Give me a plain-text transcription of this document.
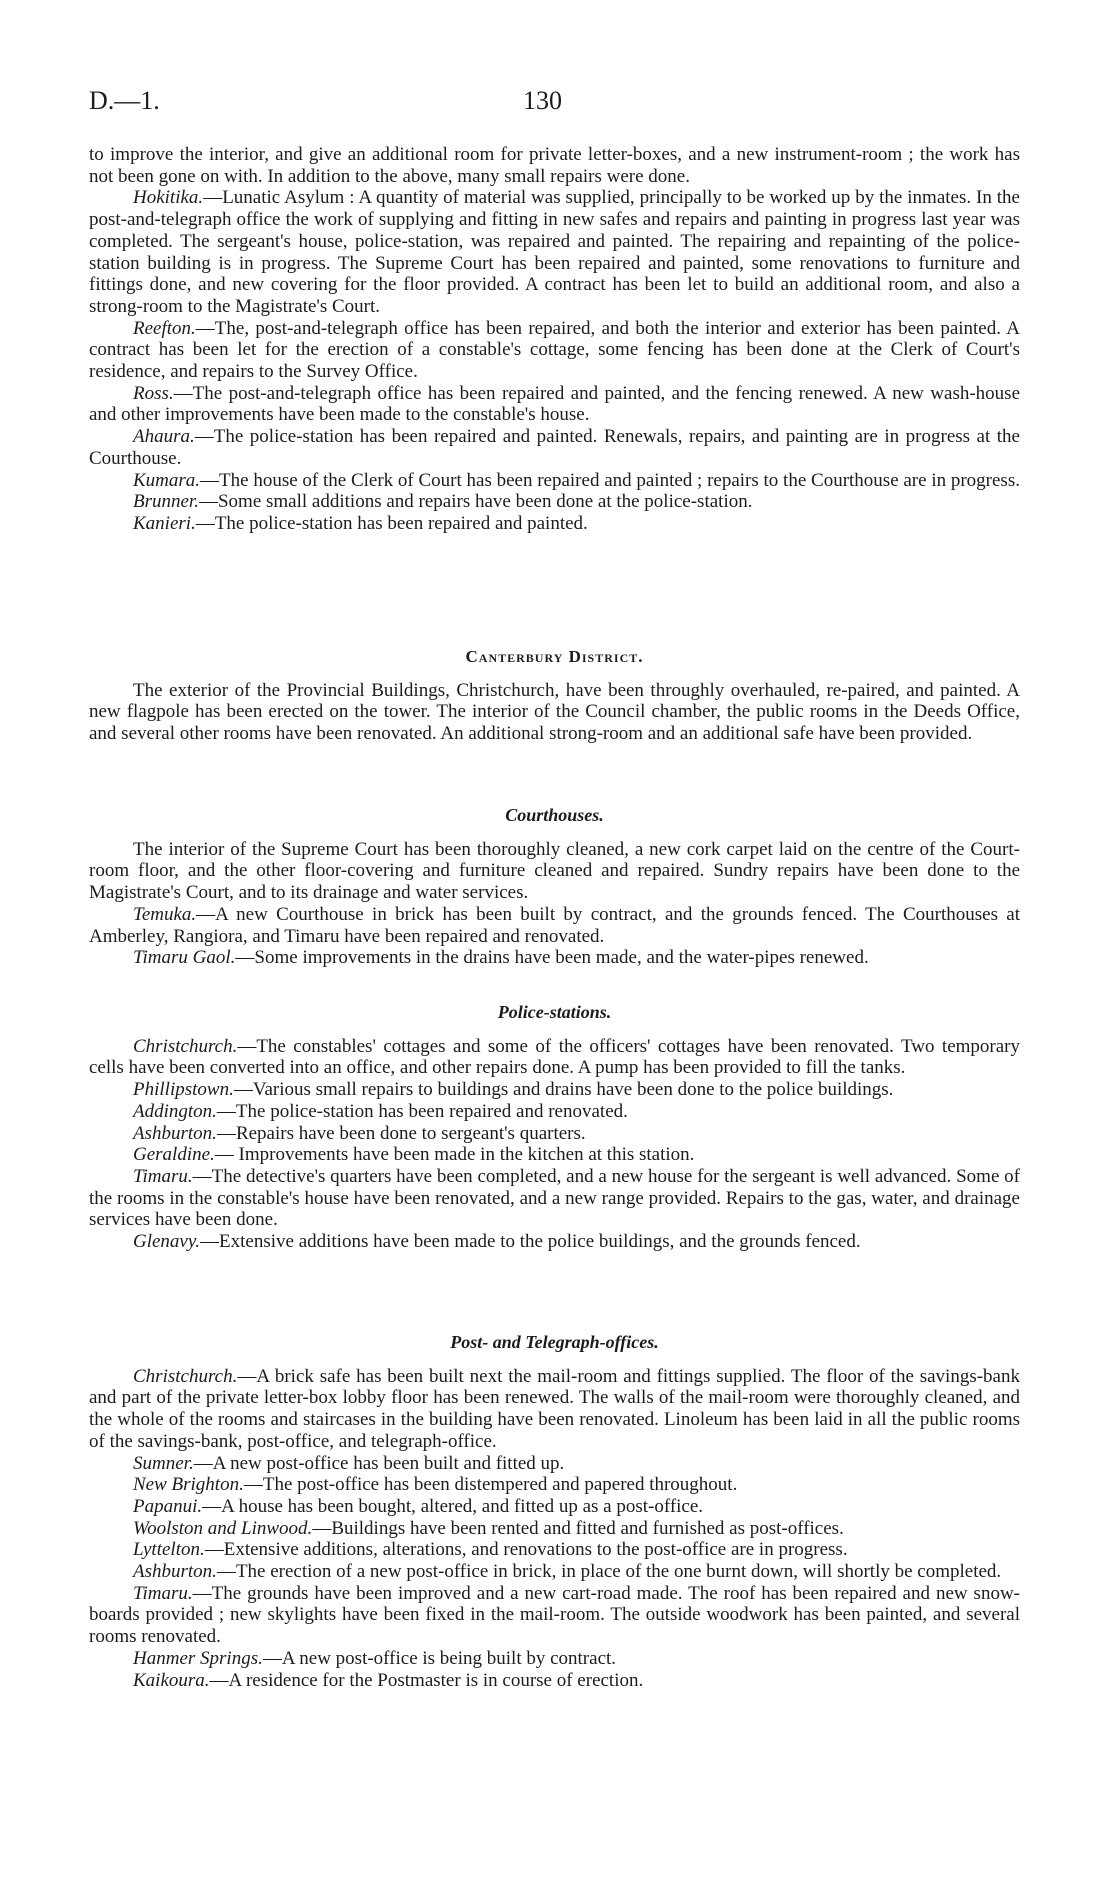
D.—1.	130

to improve the interior, and give an additional room for private letter-boxes, and a new instrument-room ; the work has not been gone on with. In addition to the above, many small repairs were done.

Hokitika.—Lunatic Asylum : A quantity of material was supplied, principally to be worked up by the inmates. In the post-and-telegraph office the work of supplying and fitting in new safes and repairs and painting in progress last year was completed. The sergeant's house, police-station, was repaired and painted. The repairing and repainting of the police-station building is in progress. The Supreme Court has been repaired and painted, some renovations to furniture and fittings done, and new covering for the floor provided. A contract has been let to build an additional room, and also a strong-room to the Magistrate's Court.

Reefton.—The, post-and-telegraph office has been repaired, and both the interior and exterior has been painted. A contract has been let for the erection of a constable's cottage, some fencing has been done at the Clerk of Court's residence, and repairs to the Survey Office.

Ross.—The post-and-telegraph office has been repaired and painted, and the fencing renewed. A new wash-house and other improvements have been made to the constable's house.

Ahaura.—The police-station has been repaired and painted. Renewals, repairs, and painting are in progress at the Courthouse.

Kumara.—The house of the Clerk of Court has been repaired and painted ; repairs to the Courthouse are in progress.

Brunner.—Some small additions and repairs have been done at the police-station.

Kanieri.—The police-station has been repaired and painted.

Canterbury District.

The exterior of the Provincial Buildings, Christchurch, have been throughly overhauled, re-paired, and painted. A new flagpole has been erected on the tower. The interior of the Council chamber, the public rooms in the Deeds Office, and several other rooms have been renovated. An additional strong-room and an additional safe have been provided.

Courthouses.

The interior of the Supreme Court has been thoroughly cleaned, a new cork carpet laid on the centre of the Court-room floor, and the other floor-covering and furniture cleaned and repaired. Sundry repairs have been done to the Magistrate's Court, and to its drainage and water services.

Temuka.—A new Courthouse in brick has been built by contract, and the grounds fenced. The Courthouses at Amberley, Rangiora, and Timaru have been repaired and renovated.

Timaru Gaol.—Some improvements in the drains have been made, and the water-pipes renewed.

Police-stations.

Christchurch.—The constables' cottages and some of the officers' cottages have been renovated. Two temporary cells have been converted into an office, and other repairs done. A pump has been provided to fill the tanks.

Phillipstown.—Various small repairs to buildings and drains have been done to the police buildings.

Addington.—The police-station has been repaired and renovated.

Ashburton.—Repairs have been done to sergeant's quarters.

Geraldine.— Improvements have been made in the kitchen at this station.

Timaru.—The detective's quarters have been completed, and a new house for the sergeant is well advanced. Some of the rooms in the constable's house have been renovated, and a new range provided. Repairs to the gas, water, and drainage services have been done.

Glenavy.—Extensive additions have been made to the police buildings, and the grounds fenced.

Post- and Telegraph-offices.

Christchurch.—A brick safe has been built next the mail-room and fittings supplied. The floor of the savings-bank and part of the private letter-box lobby floor has been renewed. The walls of the mail-room were thoroughly cleaned, and the whole of the rooms and staircases in the building have been renovated. Linoleum has been laid in all the public rooms of the savings-bank, post-office, and telegraph-office.

Sumner.—A new post-office has been built and fitted up.

New Brighton.—The post-office has been distempered and papered throughout.

Papanui.—A house has been bought, altered, and fitted up as a post-office.

Woolston and Linwood.—Buildings have been rented and fitted and furnished as post-offices.

Lyttelton.—Extensive additions, alterations, and renovations to the post-office are in progress.

Ashburton.—The erection of a new post-office in brick, in place of the one burnt down, will shortly be completed.

Timaru.—The grounds have been improved and a new cart-road made. The roof has been repaired and new snow-boards provided ; new skylights have been fixed in the mail-room. The outside woodwork has been painted, and several rooms renovated.

Hanmer Springs.—A new post-office is being built by contract.

Kaikoura.—A residence for the Postmaster is in course of erection.
